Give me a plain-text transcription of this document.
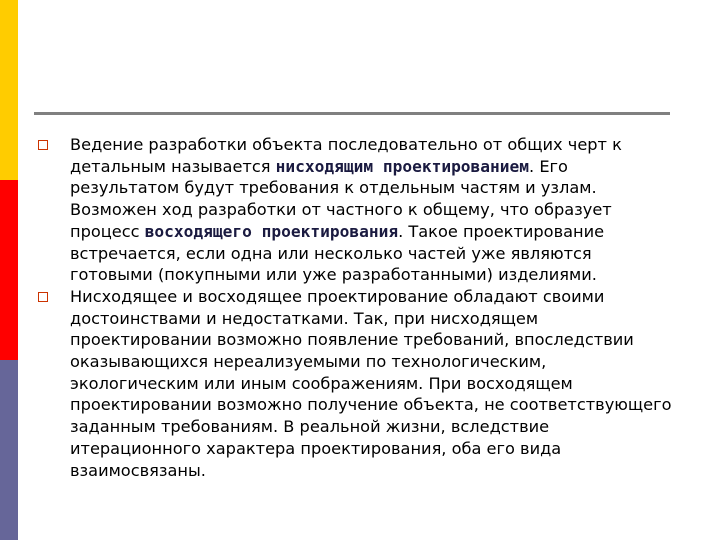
Ведение разработки объекта последовательно от общих черт к детальным называется нисходящим проектированием. Его результатом будут требования к отдельным частям и узлам. Возможен ход разработки от частного к общему, что образует процесс восходящего проектирования. Такое проектирование встречается, если одна или несколько частей уже являются готовыми (покупными или уже разработанными) изделиями.
Нисходящее и восходящее проектирование обладают своими достоинствами и недостатками. Так, при нисходящем проектировании возможно появление требований, впоследствии оказывающихся нереализуемыми по технологическим, экологическим или иным соображениям. При восходящем проектировании возможно получение объекта, не соответствующего заданным требованиям. В реальной жизни, вследствие итерационного характера проектирования, оба его вида взаимосвязаны.
